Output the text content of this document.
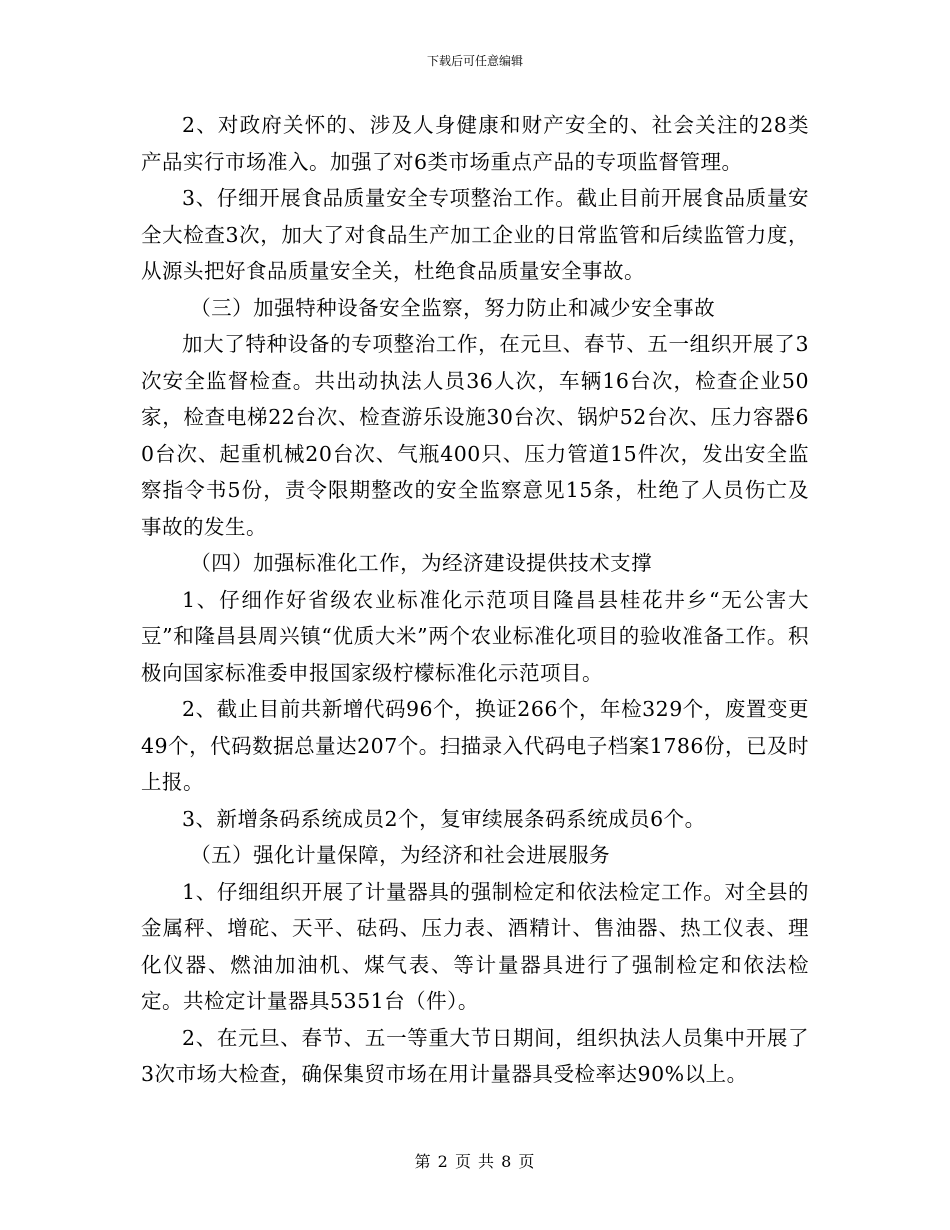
下载后可任意编辑

2、对政府关怀的、涉及人身健康和财产安全的、社会关注的28类产品实行市场准入。加强了对6类市场重点产品的专项监督管理。

3、仔细开展食品质量安全专项整治工作。截止目前开展食品质量安全大检查3次，加大了对食品生产加工企业的日常监管和后续监管力度，从源头把好食品质量安全关，杜绝食品质量安全事故。

（三）加强特种设备安全监察，努力防止和减少安全事故

加大了特种设备的专项整治工作，在元旦、春节、五一组织开展了3次安全监督检查。共出动执法人员36人次，车辆16台次，检查企业50家，检查电梯22台次、检查游乐设施30台次、锅炉52台次、压力容器60台次、起重机械20台次、气瓶400只、压力管道15件次，发出安全监察指令书5份，责令限期整改的安全监察意见15条，杜绝了人员伤亡及事故的发生。

（四）加强标准化工作，为经济建设提供技术支撑

1、仔细作好省级农业标准化示范项目隆昌县桂花井乡“无公害大豆”和隆昌县周兴镇“优质大米”两个农业标准化项目的验收准备工作。积极向国家标准委申报国家级柠檬标准化示范项目。

2、截止目前共新增代码96个，换证266个，年检329个，废置变更49个，代码数据总量达207个。扫描录入代码电子档案1786份，已及时上报。

3、新增条码系统成员2个，复审续展条码系统成员6个。

（五）强化计量保障，为经济和社会进展服务

1、仔细组织开展了计量器具的强制检定和依法检定工作。对全县的金属秤、增砣、天平、砝码、压力表、酒精计、售油器、热工仪表、理化仪器、燃油加油机、煤气表、等计量器具进行了强制检定和依法检定。共检定计量器具5351台（件）。

2、在元旦、春节、五一等重大节日期间，组织执法人员集中开展了3次市场大检查，确保集贸市场在用计量器具受检率达90%以上。

第 2 页 共 8 页
